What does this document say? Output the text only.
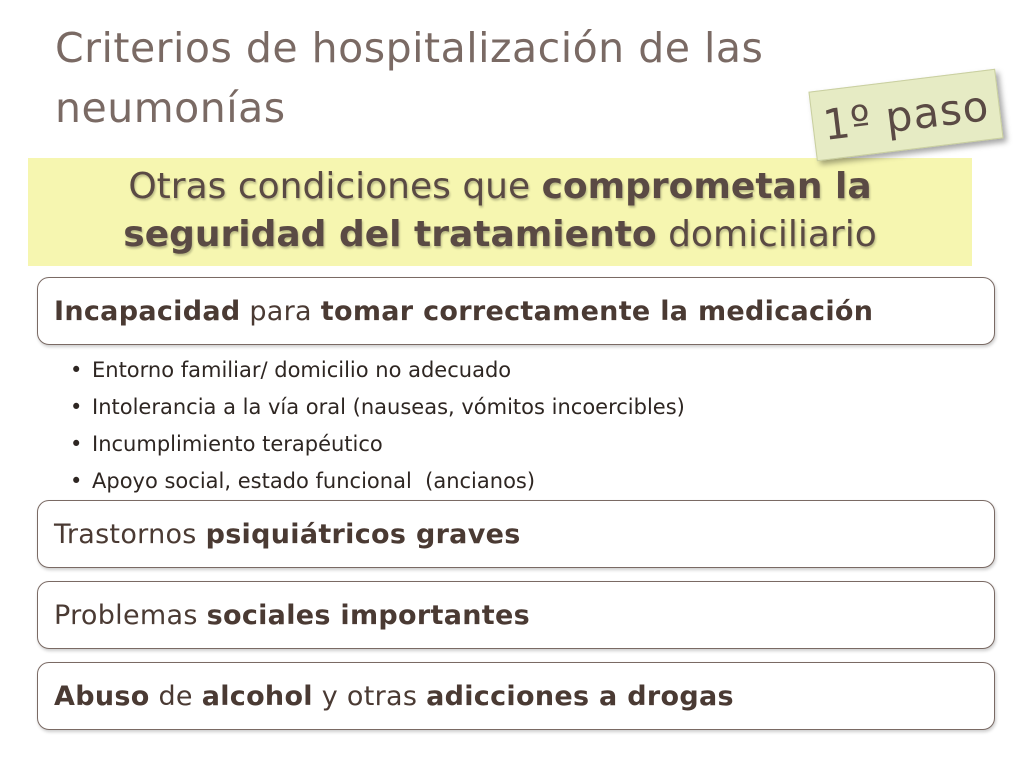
Criterios de hospitalización de las
neumonías
Otras condiciones que comprometan la
seguridad del tratamiento domiciliario
1º paso
Incapacidad para tomar correctamente la medicación
• Entorno familiar/ domicilio no adecuado
• Intolerancia a la vía oral (nauseas, vómitos incoercibles)
• Incumplimiento terapéutico
• Apoyo social, estado funcional  (ancianos)
Trastornos psiquiátricos graves
Problemas sociales importantes
Abuso de alcohol y otras adicciones a drogas
